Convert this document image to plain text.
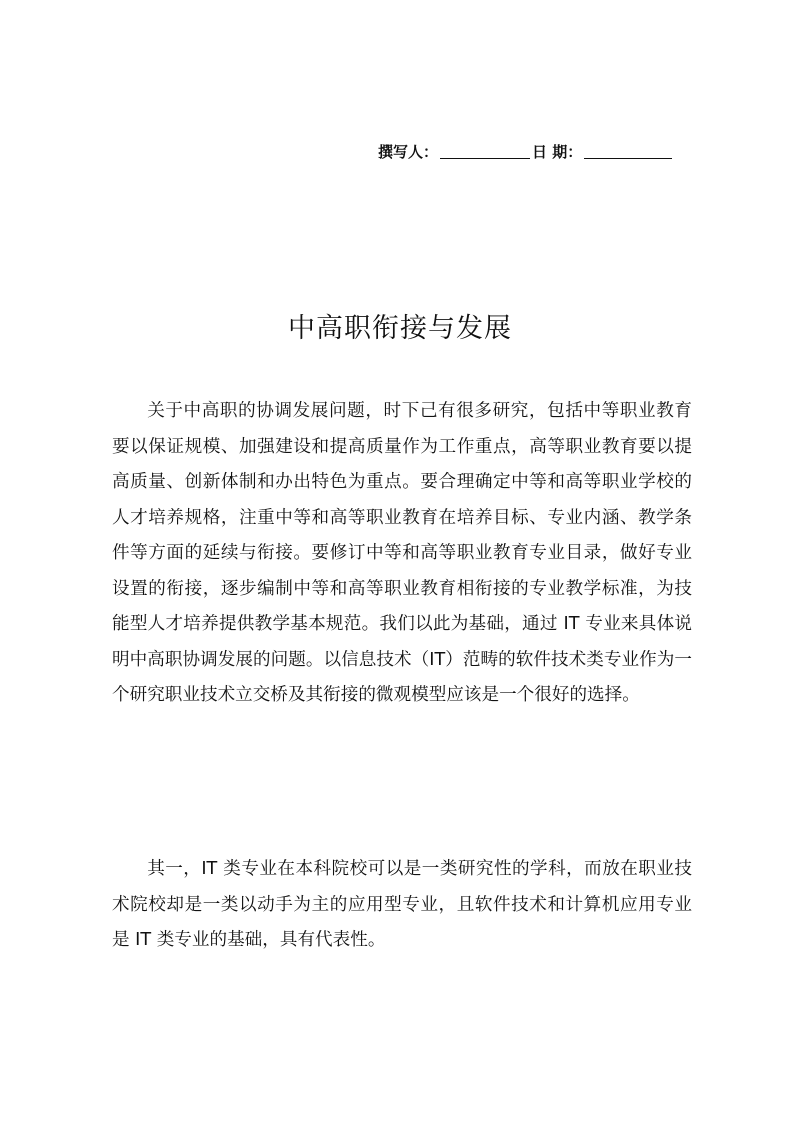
撰写人：	日 期：
中高职衔接与发展

关于中高职的协调发展问题，时下己有很多研究，包括中等职业教育要以保证规模、加强建设和提高质量作为工作重点，高等职业教育要以提高质量、创新体制和办出特色为重点。要合理确定中等和高等职业学校的人才培养规格，注重中等和高等职业教育在培养目标、专业内涵、教学条件等方面的延续与衔接。要修订中等和高等职业教育专业目录，做好专业设置的衔接，逐步编制中等和高等职业教育相衔接的专业教学标准，为技能型人才培养提供教学基本规范。我们以此为基础，通过 IT 专业来具体说明中高职协调发展的问题。以信息技术（IT）范畴的软件技术类专业作为一个研究职业技术立交桥及其衔接的微观模型应该是一个很好的选择。

其一，IT 类专业在本科院校可以是一类研究性的学科，而放在职业技术院校却是一类以动手为主的应用型专业，且软件技术和计算机应用专业是 IT 类专业的基础，具有代表性。
